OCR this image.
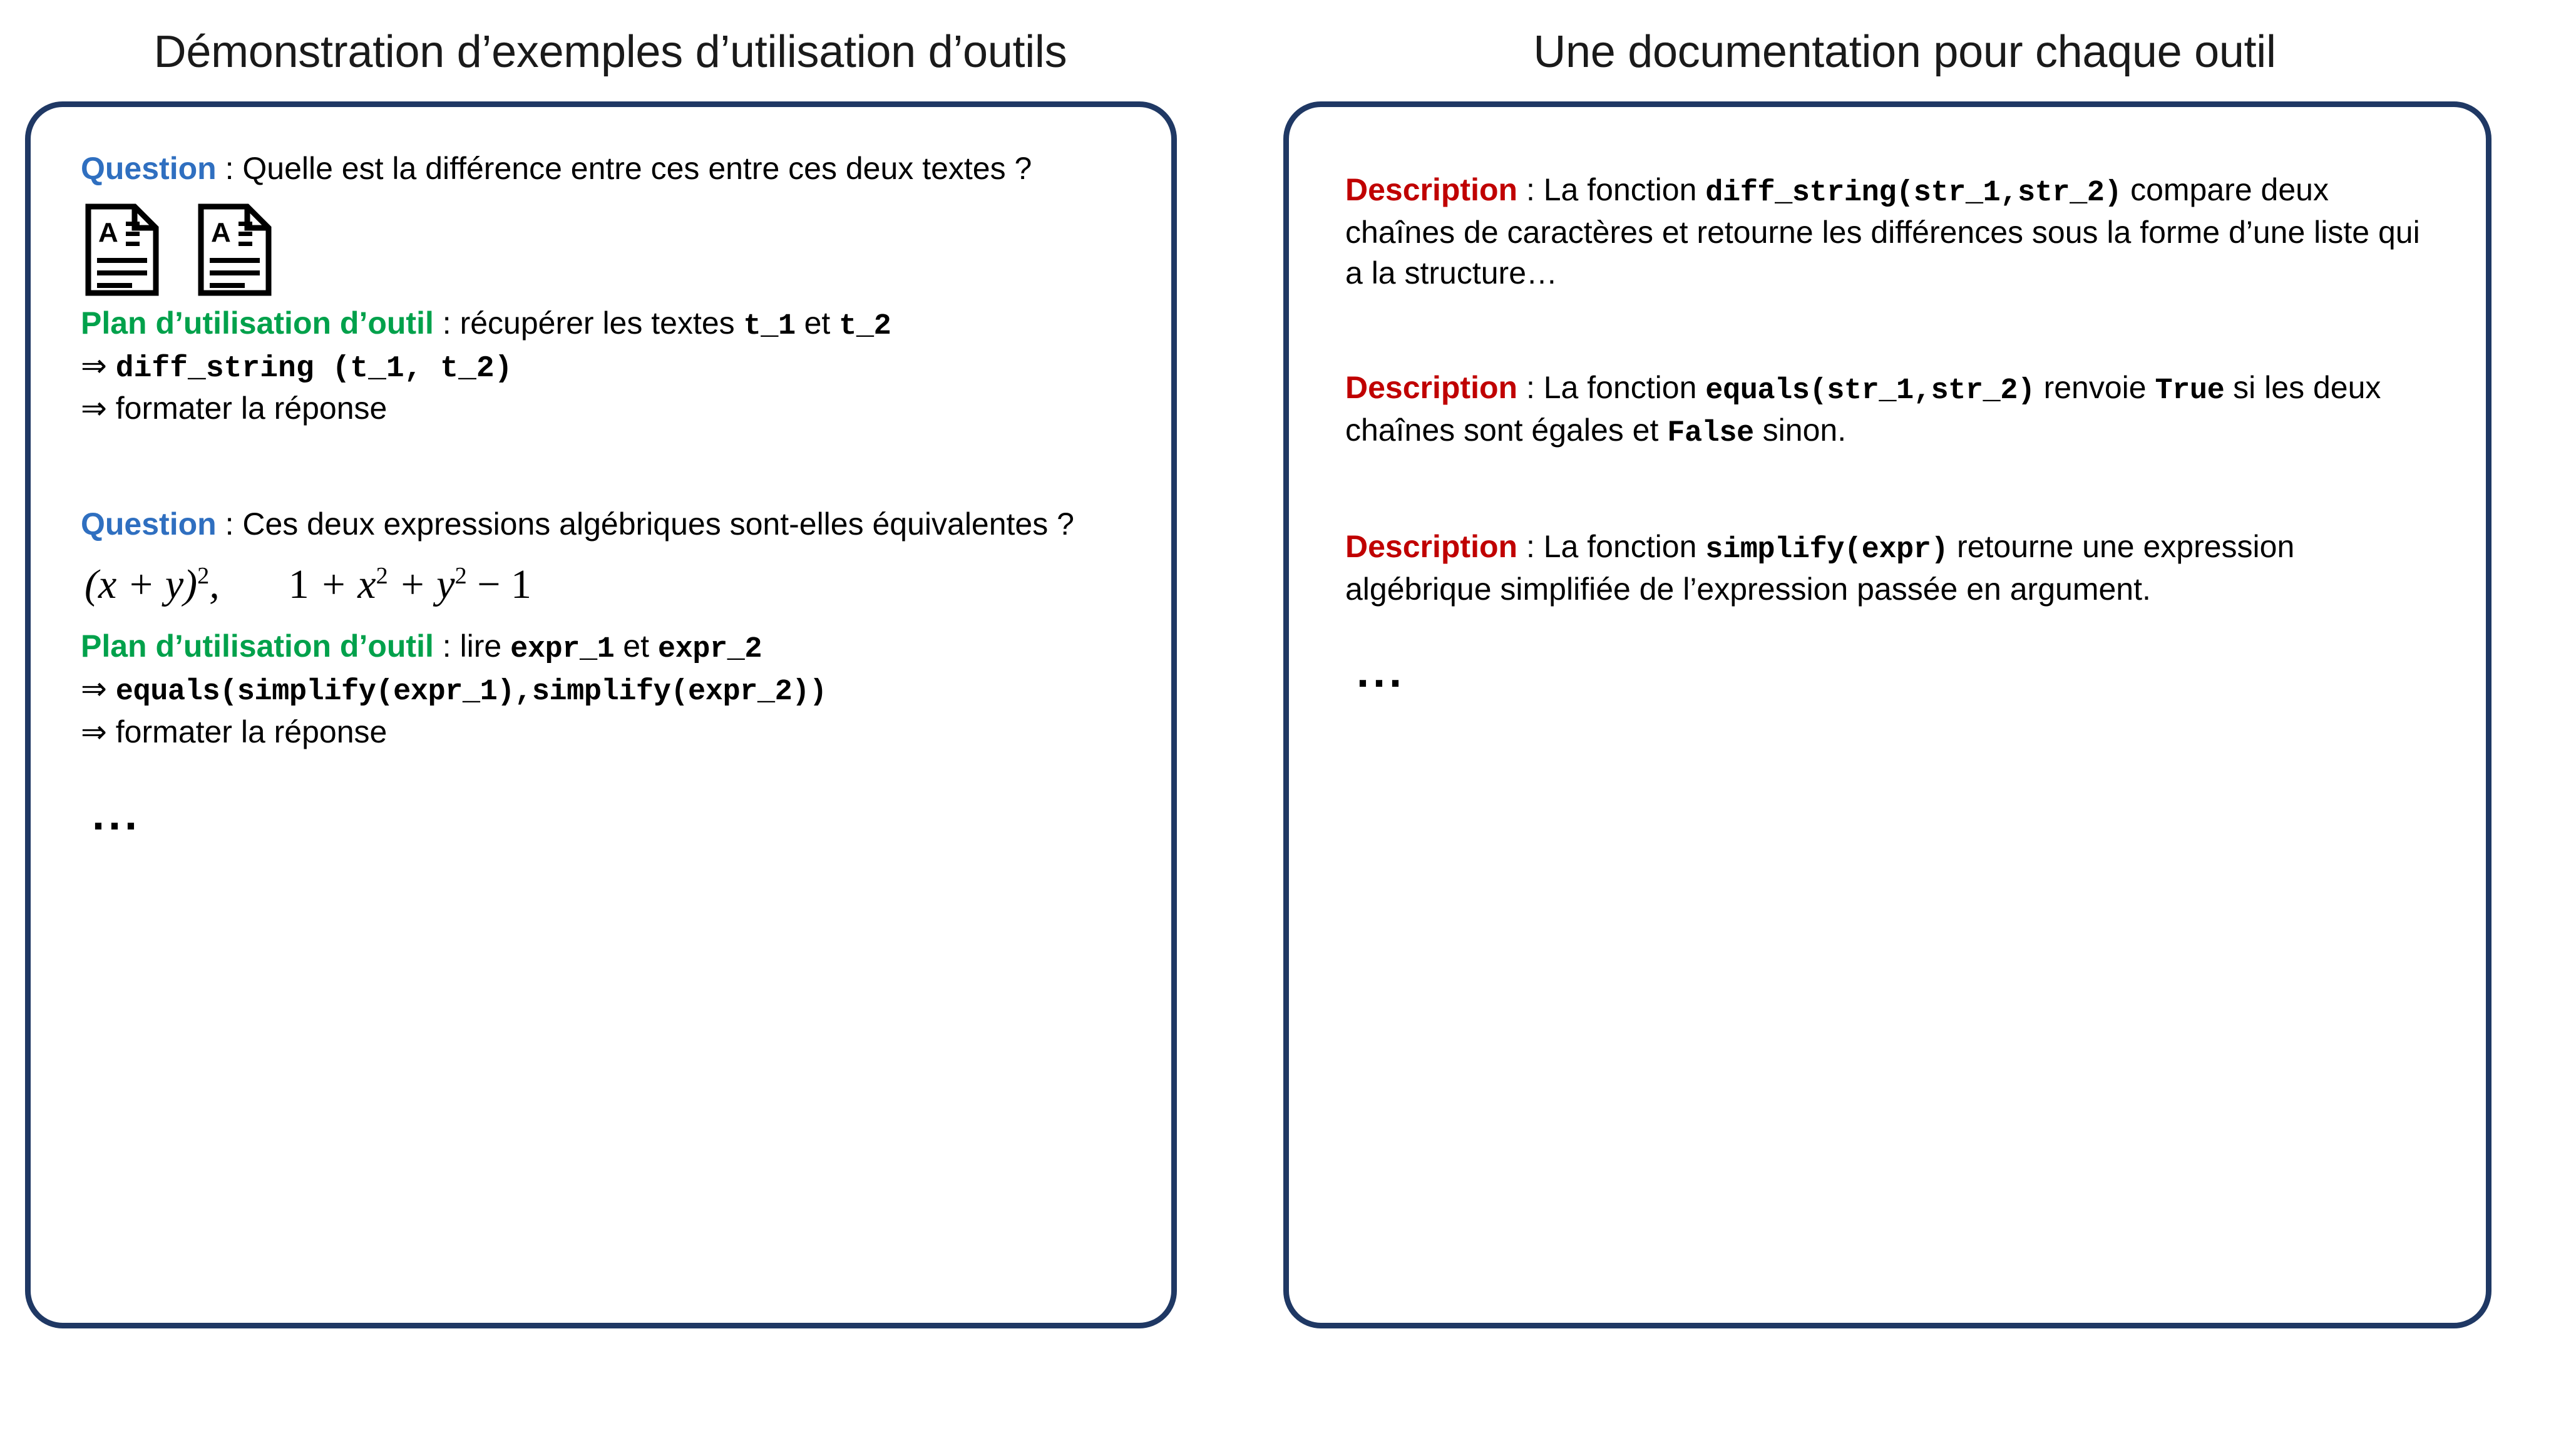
Démonstration d’exemples d’utilisation d’outils
Question : Quelle est la différence entre ces entre ces deux textes ?
A	A
Plan d’utilisation d’outil : récupérer les textes t_1 et t_2
⇒ diff_string (t_1, t_2)
⇒ formater la réponse
Question : Ces deux expressions algébriques sont-elles équivalentes ?
$(x + y)^2$, $1 + x^2 + y^2 - 1$
Plan d’utilisation d’outil : lire expr_1 et expr_2
⇒ equals(simplify(expr_1),simplify(expr_2))
⇒ formater la réponse
...
Une documentation pour chaque outil
Description : La fonction diff_string(str_1,str_2) compare deux chaînes de caractères et retourne les différences sous la forme d’une liste qui a la structure…
Description : La fonction equals(str_1,str_2) renvoie True si les deux chaînes sont égales et False sinon.
Description : La fonction simplify(expr) retourne une expression algébrique simplifiée de l’expression passée en argument.
...
